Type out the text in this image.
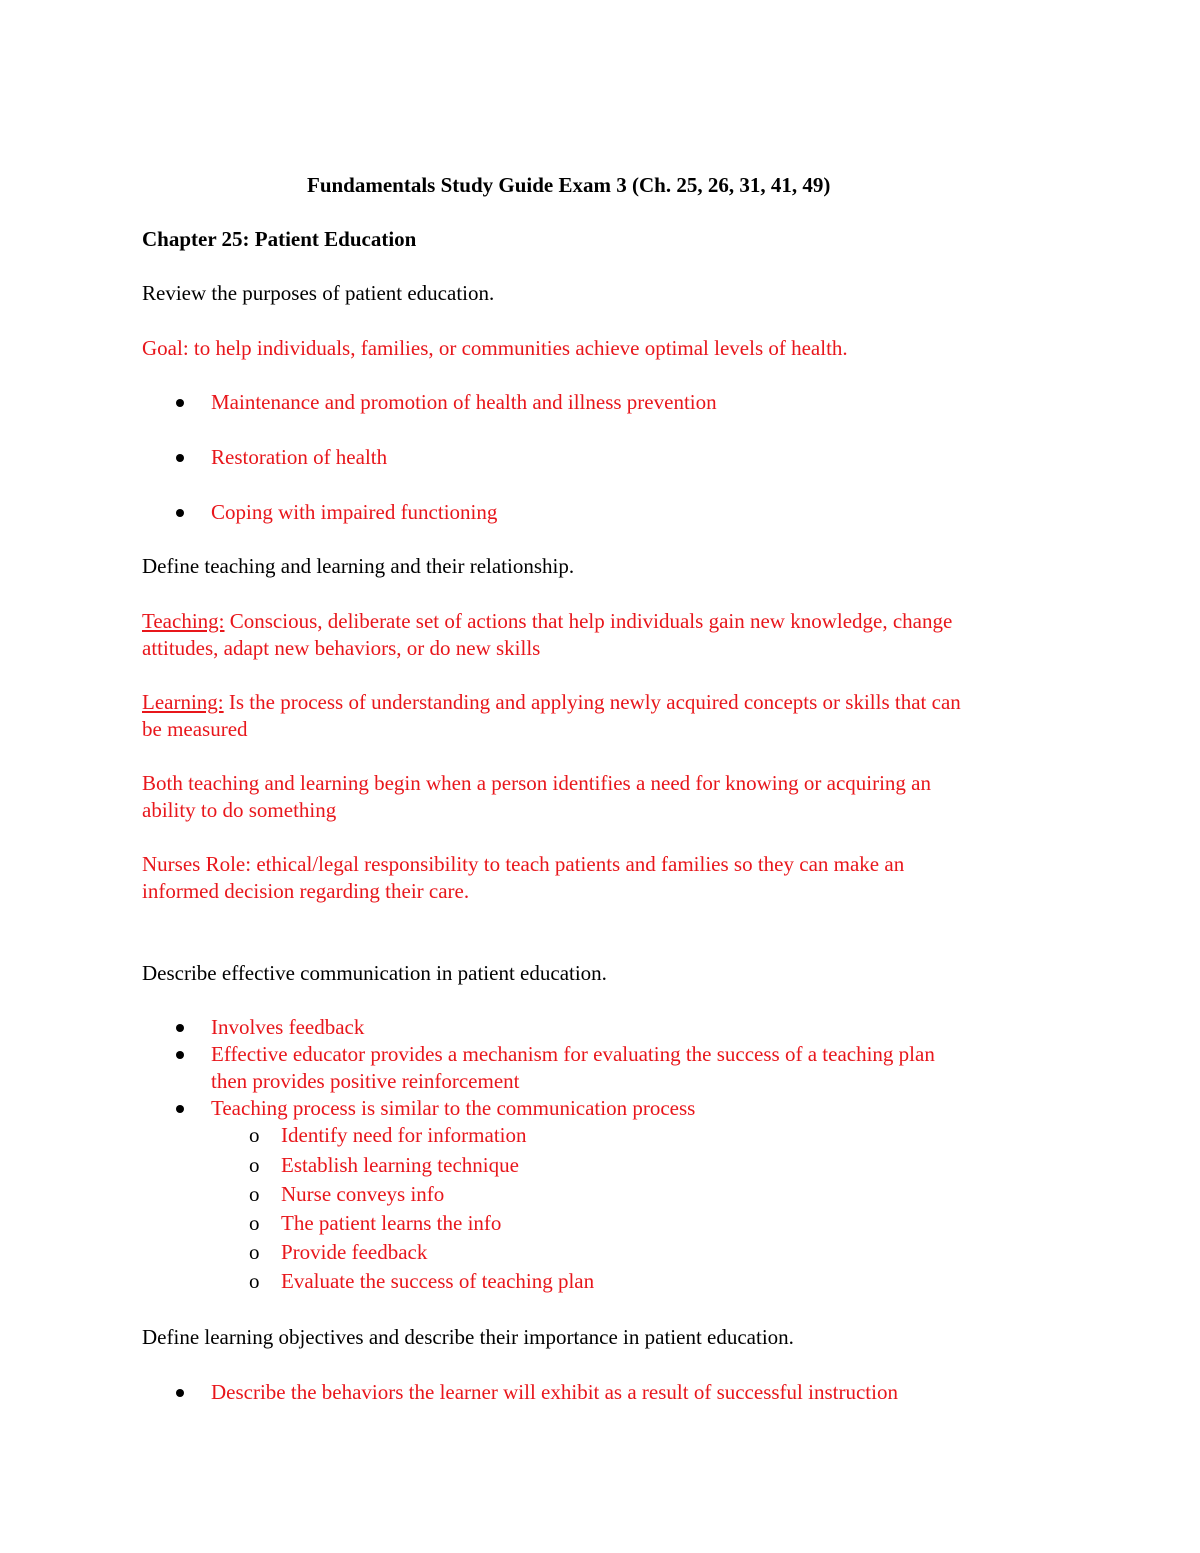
Fundamentals Study Guide Exam 3 (Ch. 25, 26, 31, 41, 49)
Chapter 25: Patient Education
Review the purposes of patient education.
Goal: to help individuals, families, or communities achieve optimal levels of health.
Maintenance and promotion of health and illness prevention
Restoration of health
Coping with impaired functioning
Define teaching and learning and their relationship.
Teaching: Conscious, deliberate set of actions that help individuals gain new knowledge, change
attitudes, adapt new behaviors, or do new skills
Learning: Is the process of understanding and applying newly acquired concepts or skills that can
be measured
Both teaching and learning begin when a person identifies a need for knowing or acquiring an
ability to do something
Nurses Role: ethical/legal responsibility to teach patients and families so they can make an
informed decision regarding their care.
Describe effective communication in patient education.
Involves feedback
Effective educator provides a mechanism for evaluating the success of a teaching plan
then provides positive reinforcement
Teaching process is similar to the communication process
o Identify need for information
o Establish learning technique
o Nurse conveys info
o The patient learns the info
o Provide feedback
o Evaluate the success of teaching plan
Define learning objectives and describe their importance in patient education.
Describe the behaviors the learner will exhibit as a result of successful instruction
